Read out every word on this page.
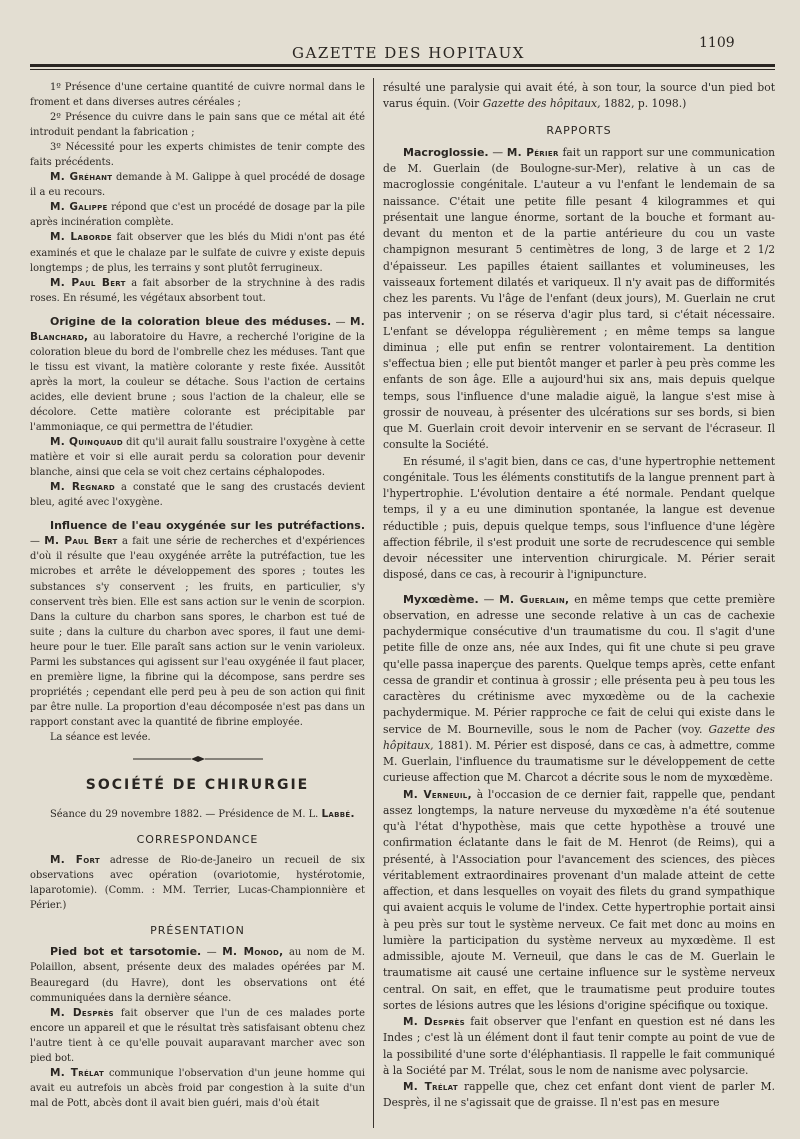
GAZETTE DES HOPITAUX
1109

1º Présence d'une certaine quantité de cuivre normal dans le froment et dans diverses autres céréales ;

2º Présence du cuivre dans le pain sans que ce métal ait été introduit pendant la fabrication ;

3º Nécessité pour les experts chimistes de tenir compte des faits précédents.

M. Gréhant demande à M. Galippe à quel procédé de dosage il a eu recours.

M. Galippe répond que c'est un procédé de dosage par la pile après incinération complète.

M. Laborde fait observer que les blés du Midi n'ont pas été examinés et que le chalaze par le sulfate de cuivre y existe depuis longtemps ; de plus, les terrains y sont plutôt ferrugineux.

M. Paul Bert a fait absorber de la strychnine à des radis roses. En résumé, les végétaux absorbent tout.

Origine de la coloration bleue des méduses. — M. Blanchard, au laboratoire du Havre, a recherché l'origine de la coloration bleue du bord de l'ombrelle chez les méduses. Tant que le tissu est vivant, la matière colorante y reste fixée. Aussitôt après la mort, la couleur se détache. Sous l'action de certains acides, elle devient brune ; sous l'action de la chaleur, elle se décolore. Cette matière colorante est précipitable par l'ammoniaque, ce qui permettra de l'étudier.

M. Quinquaud dit qu'il aurait fallu soustraire l'oxygène à cette matière et voir si elle aurait perdu sa coloration pour devenir blanche, ainsi que cela se voit chez certains céphalopodes.

M. Regnard a constaté que le sang des crustacés devient bleu, agité avec l'oxygène.

Influence de l'eau oxygénée sur les putréfactions. — M. Paul Bert a fait une série de recherches et d'expériences d'où il résulte que l'eau oxygénée arrête la putréfaction, tue les microbes et arrête le développement des spores ; toutes les substances s'y conservent ; les fruits, en particulier, s'y conservent très bien. Elle est sans action sur le venin de scorpion. Dans la culture du charbon sans spores, le charbon est tué de suite ; dans la culture du charbon avec spores, il faut une demi-heure pour le tuer. Elle paraît sans action sur le venin varioleux. Parmi les substances qui agissent sur l'eau oxygénée il faut placer, en première ligne, la fibrine qui la décompose, sans perdre ses propriétés ; cependant elle perd peu à peu de son action qui finit par être nulle. La proportion d'eau décomposée n'est pas dans un rapport constant avec la quantité de fibrine employée.

La séance est levée.

SOCIÉTÉ DE CHIRURGIE

Séance du 29 novembre 1882. — Présidence de M. L. Labbé.

CORRESPONDANCE

M. Fort adresse de Rio-de-Janeiro un recueil de six observations avec opération (ovariotomie, hystérotomie, laparotomie). (Comm. : MM. Terrier, Lucas-Championnière et Périer.)

PRÉSENTATION

Pied bot et tarsotomie. — M. Monod, au nom de M. Polaillon, absent, présente deux des malades opérées par M. Beauregard (du Havre), dont les observations ont été communiquées dans la dernière séance.

M. Desprès fait observer que l'un de ces malades porte encore un appareil et que le résultat très satisfaisant obtenu chez l'autre tient à ce qu'elle pouvait auparavant marcher avec son pied bot.

M. Trélat communique l'observation d'un jeune homme qui avait eu autrefois un abcès froid par congestion à la suite d'un mal de Pott, abcès dont il avait bien guéri, mais d'où était

résulté une paralysie qui avait été, à son tour, la source d'un pied bot varus équin. (Voir Gazette des hôpitaux, 1882, p. 1098.)

RAPPORTS

Macroglossie. — M. Périer fait un rapport sur une communication de M. Guerlain (de Boulogne-sur-Mer), relative à un cas de macroglossie congénitale. L'auteur a vu l'enfant le lendemain de sa naissance. C'était une petite fille pesant 4 kilogrammes et qui présentait une langue énorme, sortant de la bouche et formant au-devant du menton et de la partie antérieure du cou un vaste champignon mesurant 5 centimètres de long, 3 de large et 2 1/2 d'épaisseur. Les papilles étaient saillantes et volumineuses, les vaisseaux fortement dilatés et variqueux. Il n'y avait pas de difformités chez les parents. Vu l'âge de l'enfant (deux jours), M. Guerlain ne crut pas intervenir ; on se réserva d'agir plus tard, si c'était nécessaire. L'enfant se développa régulièrement ; en même temps sa langue diminua ; elle put enfin se rentrer volontairement. La dentition s'effectua bien ; elle put bientôt manger et parler à peu près comme les enfants de son âge. Elle a aujourd'hui six ans, mais depuis quelque temps, sous l'influence d'une maladie aiguë, la langue s'est mise à grossir de nouveau, à présenter des ulcérations sur ses bords, si bien que M. Guerlain croit devoir intervenir en se servant de l'écraseur. Il consulte la Société.

En résumé, il s'agit bien, dans ce cas, d'une hypertrophie nettement congénitale. Tous les éléments constitutifs de la langue prennent part à l'hypertrophie. L'évolution dentaire a été normale. Pendant quelque temps, il y a eu une diminution spontanée, la langue est devenue réductible ; puis, depuis quelque temps, sous l'influence d'une légère affection fébrile, il s'est produit une sorte de recrudescence qui semble devoir nécessiter une intervention chirurgicale. M. Périer serait disposé, dans ce cas, à recourir à l'ignipuncture.

Myxœdème. — M. Guerlain, en même temps que cette première observation, en adresse une seconde relative à un cas de cachexie pachydermique consécutive d'un traumatisme du cou. Il s'agit d'une petite fille de onze ans, née aux Indes, qui fit une chute si peu grave qu'elle passa inaperçue des parents. Quelque temps après, cette enfant cessa de grandir et continua à grossir ; elle présenta peu à peu tous les caractères du crétinisme avec myxœdème ou de la cachexie pachydermique. M. Périer rapproche ce fait de celui qui existe dans le service de M. Bourneville, sous le nom de Pacher (voy. Gazette des hôpitaux, 1881). M. Périer est disposé, dans ce cas, à admettre, comme M. Guerlain, l'influence du traumatisme sur le développement de cette curieuse affection que M. Charcot a décrite sous le nom de myxœdème.

M. Verneuil, à l'occasion de ce dernier fait, rappelle que, pendant assez longtemps, la nature nerveuse du myxœdème n'a été soutenue qu'à l'état d'hypothèse, mais que cette hypothèse a trouvé une confirmation éclatante dans le fait de M. Henrot (de Reims), qui a présenté, à l'Association pour l'avancement des sciences, des pièces véritablement extraordinaires provenant d'un malade atteint de cette affection, et dans lesquelles on voyait des filets du grand sympathique qui avaient acquis le volume de l'index. Cette hypertrophie portait ainsi à peu près sur tout le système nerveux. Ce fait met donc au moins en lumière la participation du système nerveux au myxœdème. Il est admissible, ajoute M. Verneuil, que dans le cas de M. Guerlain le traumatisme ait causé une certaine influence sur le système nerveux central. On sait, en effet, que le traumatisme peut produire toutes sortes de lésions autres que les lésions d'origine spécifique ou toxique.

M. Desprès fait observer que l'enfant en question est né dans les Indes ; c'est là un élément dont il faut tenir compte au point de vue de la possibilité d'une sorte d'éléphantiasis. Il rappelle le fait communiqué à la Société par M. Trélat, sous le nom de nanisme avec polysarcie.

M. Trélat rappelle que, chez cet enfant dont vient de parler M. Desprès, il ne s'agissait que de graisse. Il n'est pas en mesure
